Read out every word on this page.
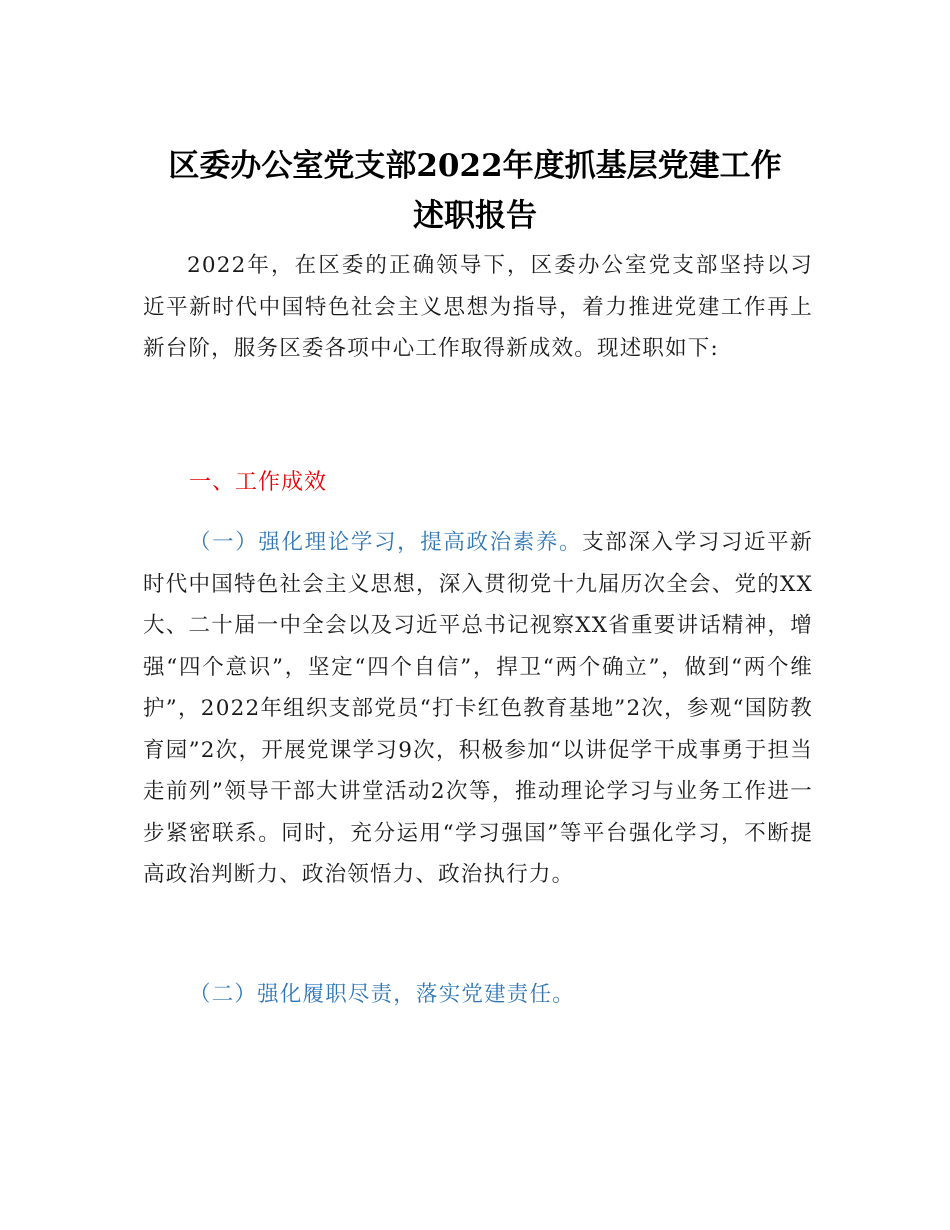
区委办公室党支部2022年度抓基层党建工作
述职报告
2022年，在区委的正确领导下，区委办公室党支部坚持以习近平新时代中国特色社会主义思想为指导，着力推进党建工作再上新台阶，服务区委各项中心工作取得新成效。现述职如下:
一、工作成效
（一）强化理论学习，提高政治素养。支部深入学习习近平新时代中国特色社会主义思想，深入贯彻党十九届历次全会、党的XX大、二十届一中全会以及习近平总书记视察XX省重要讲话精神，增强“四个意识”，坚定“四个自信”，捍卫“两个确立”，做到“两个维护”，2022年组织支部党员“打卡红色教育基地”2次，参观“国防教育园”2次，开展党课学习9次，积极参加“以讲促学干成事勇于担当走前列”领导干部大讲堂活动2次等，推动理论学习与业务工作进一步紧密联系。同时，充分运用“学习强国”等平台强化学习，不断提高政治判断力、政治领悟力、政治执行力。
（二）强化履职尽责，落实党建责任。
